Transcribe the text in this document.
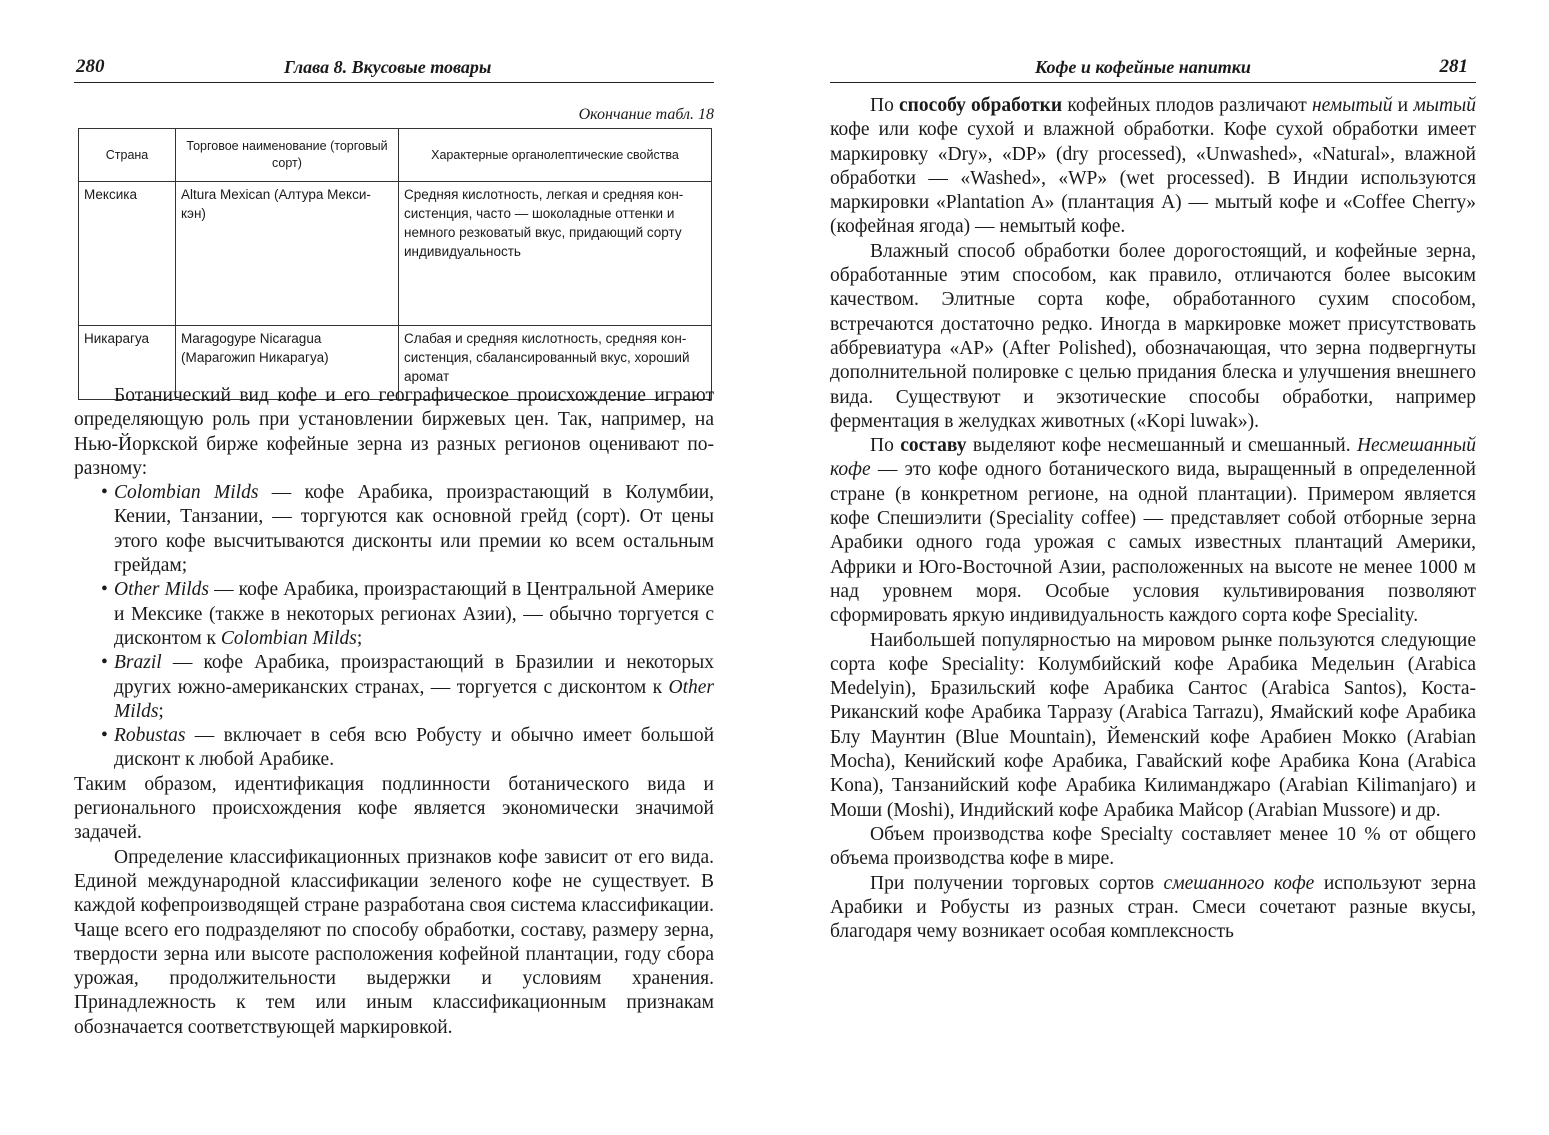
280	Глава 8. Вкусовые товары
Окончание табл. 18
Страна	Торговое наименование (торговый сорт)	Характерные органолептические свойства
Мексика	Altura Mexican (Алтура Мекси-кэн)	Средняя кислотность, легкая и средняя кон-систенция, часто — шоколадные оттенки и немного резковатый вкус, придающий сорту индивидуальность
Никарагуа	Maragogype Nicaragua (Марагожип Никарагуа)	Слабая и средняя кислотность, средняя кон-систенция, сбалансированный вкус, хороший аромат

Ботанический вид кофе и его географическое происхождение играют определяющую роль при установлении биржевых цен. Так, например, на Нью-Йоркской бирже кофейные зерна из разных регионов оценивают по-разному:

• Colombian Milds — кофе Арабика, произрастающий в Колумбии, Кении, Танзании, — торгуются как основной грейд (сорт). От цены этого кофе высчитываются дисконты или премии ко всем остальным грейдам;
• Other Milds — кофе Арабика, произрастающий в Центральной Америке и Мексике (также в некоторых регионах Азии), — обычно торгуется с дисконтом к Colombian Milds;
• Brazil — кофе Арабика, произрастающий в Бразилии и некоторых других южно-американских странах, — торгуется с дисконтом к Other Milds;
• Robustas — включает в себя всю Робусту и обычно имеет большой дисконт к любой Арабике.

Таким образом, идентификация подлинности ботанического вида и регионального происхождения кофе является экономически значимой задачей.

Определение классификационных признаков кофе зависит от его вида. Единой международной классификации зеленого кофе не существует. В каждой кофепроизводящей стране разработана своя система классификации. Чаще всего его подразделяют по способу обработки, составу, размеру зерна, твердости зерна или высоте расположения кофейной плантации, году сбора урожая, продолжительности выдержки и условиям хранения. Принадлежность к тем или иным классификационным признакам обозначается соответствующей маркировкой.

Кофе и кофейные напитки	281

По способу обработки кофейных плодов различают немытый и мытый кофе или кофе сухой и влажной обработки. Кофе сухой обработки имеет маркировку «Dry», «DP» (dry processed), «Unwashed», «Natural», влажной обработки — «Washed», «WP» (wet processed). В Индии используются маркировки «Plantation A» (плантация A) — мытый кофе и «Coffee Cherry» (кофейная ягода) — немытый кофе.

Влажный способ обработки более дорогостоящий, и кофейные зерна, обработанные этим способом, как правило, отличаются более высоким качеством. Элитные сорта кофе, обработанного сухим способом, встречаются достаточно редко. Иногда в маркировке может присутствовать аббревиатура «AP» (After Polished), обозначающая, что зерна подвергнуты дополнительной полировке с целью придания блеска и улучшения внешнего вида. Существуют и экзотические способы обработки, например ферментация в желудках животных («Kopi luwak»).

По составу выделяют кофе несмешанный и смешанный. Несмешанный кофе — это кофе одного ботанического вида, выращенный в определенной стране (в конкретном регионе, на одной плантации). Примером является кофе Спешиэлити (Speciality coffee) — представляет собой отборные зерна Арабики одного года урожая с самых известных плантаций Америки, Африки и Юго-Восточной Азии, расположенных на высоте не менее 1000 м над уровнем моря. Особые условия культивирования позволяют сформировать яркую индивидуальность каждого сорта кофе Speciality.

Наибольшей популярностью на мировом рынке пользуются следующие сорта кофе Speciality: Колумбийский кофе Арабика Медельин (Arabica Medelyin), Бразильский кофе Арабика Сантос (Arabica Santos), Коста-Риканский кофе Арабика Тарразу (Arabica Tarrazu), Ямайский кофе Арабика Блу Маунтин (Blue Mountain), Йеменский кофе Арабиен Мокко (Arabian Mocha), Кенийский кофе Арабика, Гавайский кофе Арабика Кона (Arabica Kona), Танзанийский кофе Арабика Килиманджаро (Arabian Kilimanjaro) и Моши (Moshi), Индийский кофе Арабика Майсор (Arabian Mussore) и др.

Объем производства кофе Specialty составляет менее 10 % от общего объема производства кофе в мире.

При получении торговых сортов смешанного кофе используют зерна Арабики и Робусты из разных стран. Смеси сочетают разные вкусы, благодаря чему возникает особая комплексность
